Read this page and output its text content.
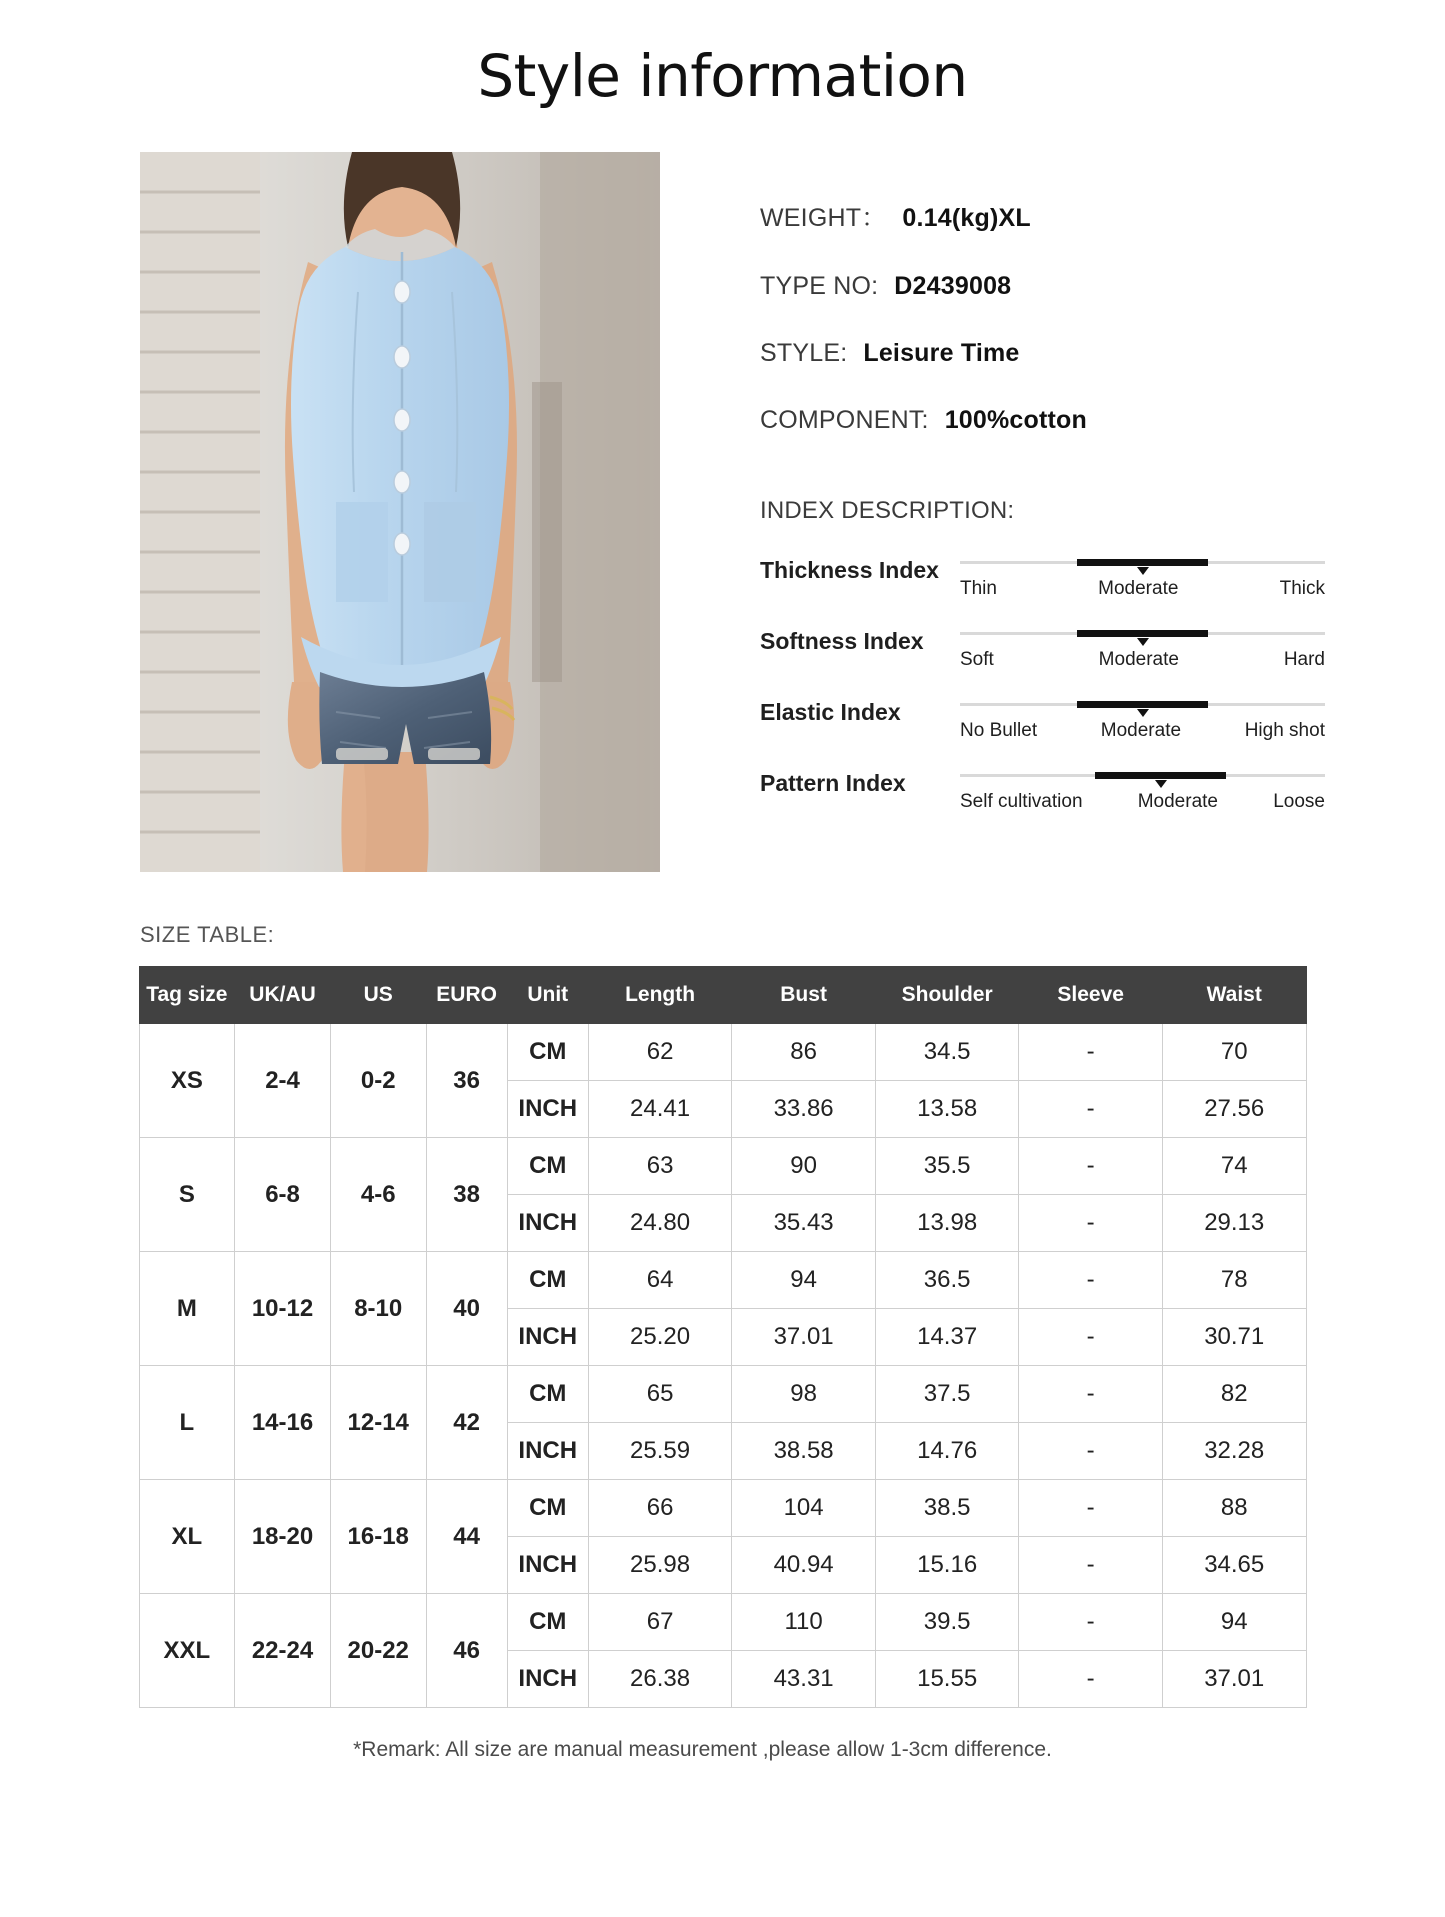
Style information
WEIGHT： 0.14(kg)XL
TYPE NO: D2439008
STYLE: Leisure Time
COMPONENT: 100%cotton
INDEX DESCRIPTION:
Thickness Index
Thin	Moderate	Thick
Softness Index
Soft	Moderate	Hard
Elastic Index
No Bullet	Moderate	High shot
Pattern Index
Self cultivation	Moderate	Loose
SIZE TABLE:
Tag size	UK/AU	US	EURO	Unit	Length	Bust	Shoulder	Sleeve	Waist
XS	2-4	0-2	36	CM	62	86	34.5	-	70
				INCH	24.41	33.86	13.58	-	27.56
S	6-8	4-6	38	CM	63	90	35.5	-	74
				INCH	24.80	35.43	13.98	-	29.13
M	10-12	8-10	40	CM	64	94	36.5	-	78
				INCH	25.20	37.01	14.37	-	30.71
L	14-16	12-14	42	CM	65	98	37.5	-	82
				INCH	25.59	38.58	14.76	-	32.28
XL	18-20	16-18	44	CM	66	104	38.5	-	88
				INCH	25.98	40.94	15.16	-	34.65
XXL	22-24	20-22	46	CM	67	110	39.5	-	94
				INCH	26.38	43.31	15.55	-	37.01
*Remark: All size are manual measurement ,please allow 1-3cm difference.
